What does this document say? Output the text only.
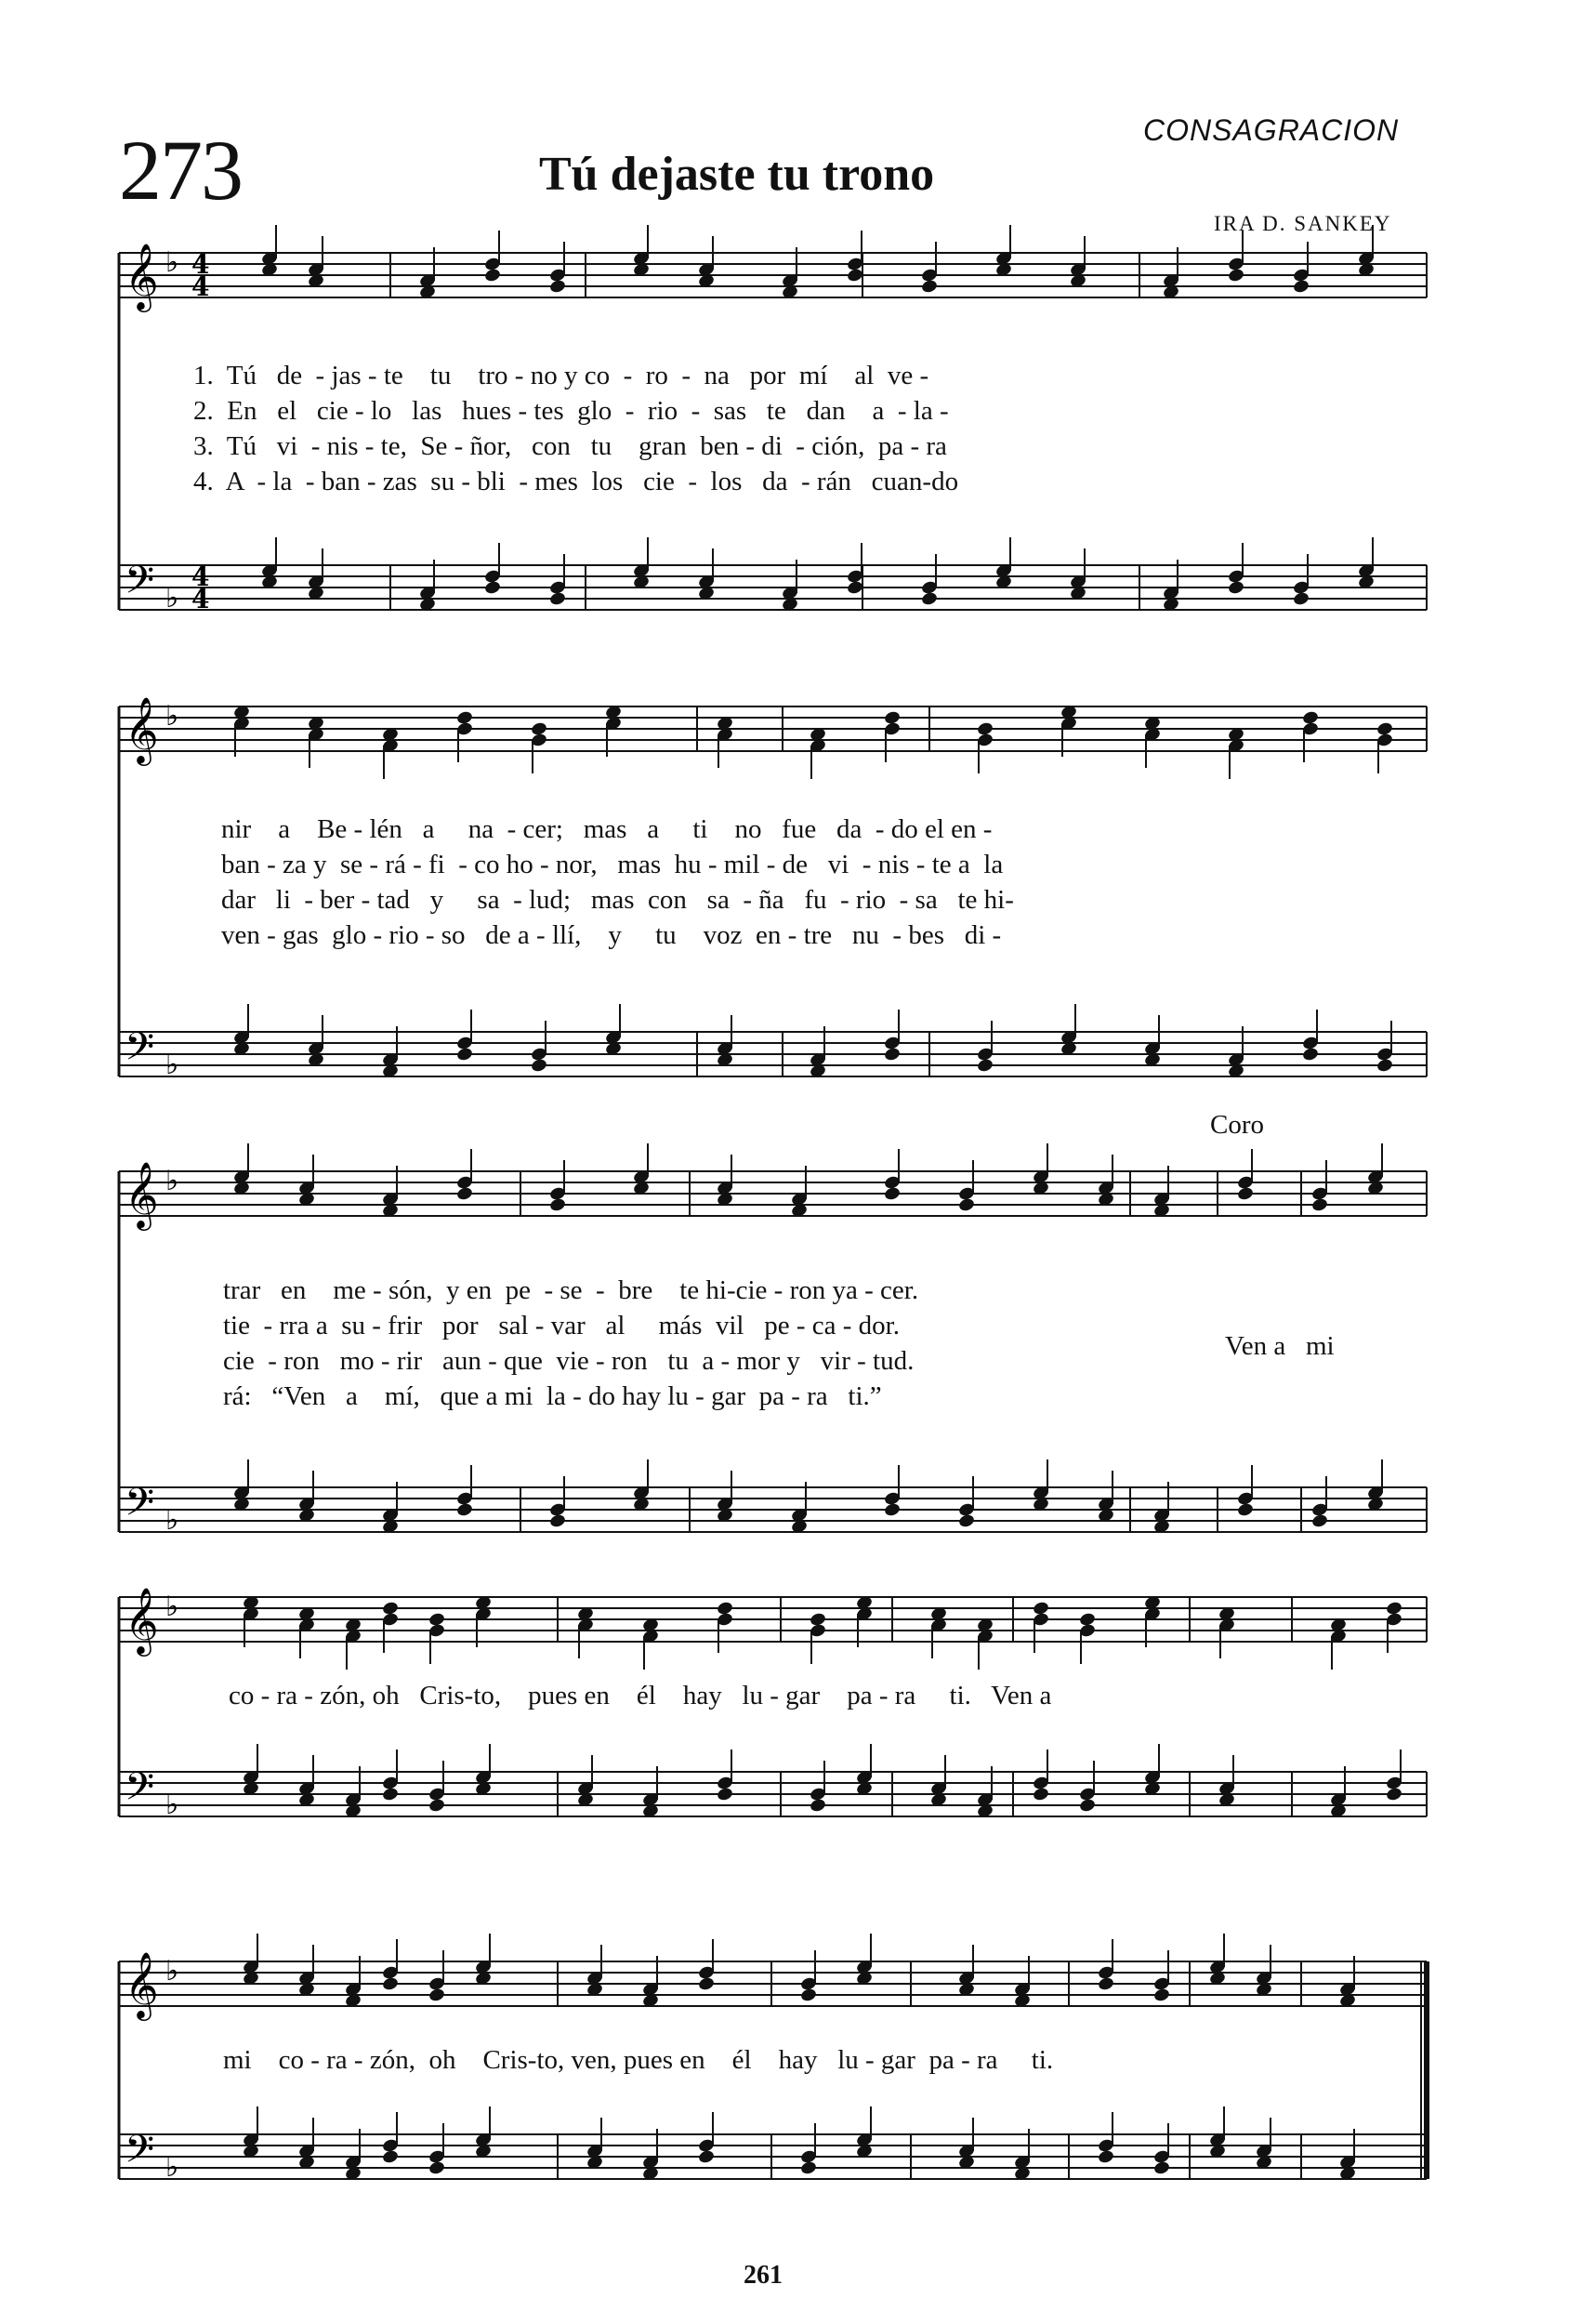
273	Tú dejaste tu trono
CONSAGRACION
IRA D. SANKEY
𝄞 ♭
𝄢 ♭
𝄞 ♭
𝄢 ♭
𝄞 ♭
𝄢 ♭
𝄞 ♭
𝄢 ♭
𝄞 ♭
𝄢 ♭
4
4
4
4
1.  Tú   de  - jas - te    tu    tro - no y co  -  ro  -  na   por  mí    al  ve -
2.  En   el   cie - lo   las   hues - tes  glo  -  rio  -  sas   te   dan    a  - la -
3.  Tú   vi  - nis - te,  Se - ñor,   con   tu    gran  ben - di  - ción,  pa - ra
4.  A  - la  - ban - zas  su - bli  - mes  los   cie  -  los   da  - rán   cuan-do
nir    a    Be - lén   a     na  - cer;   mas   a     ti    no   fue   da  - do el en -
ban - za y  se - rá - fi  - co ho - nor,   mas  hu - mil - de   vi  - nis - te a  la
dar   li  - ber - tad   y     sa  - lud;   mas  con   sa  - ña   fu  - rio  - sa   te hi-
ven - gas  glo - rio - so   de a - llí,    y     tu    voz  en - tre   nu  - bes   di -
Coro
trar   en    me - són,  y en  pe  - se  -  bre    te hi-cie - ron ya - cer.
tie  - rra a  su - frir   por   sal - var   al     más  vil   pe - ca - dor.
cie  - ron   mo - rir   aun - que  vie - ron   tu  a - mor y   vir - tud.
rá:   “Ven   a    mí,   que a mi  la - do hay lu - gar  pa - ra   ti.”
Ven a   mi
co - ra - zón, oh   Cris-to,    pues en    él    hay   lu - gar    pa - ra     ti.   Ven a
mi    co - ra - zón,  oh    Cris-to, ven, pues en    él    hay   lu - gar  pa - ra     ti.
261
